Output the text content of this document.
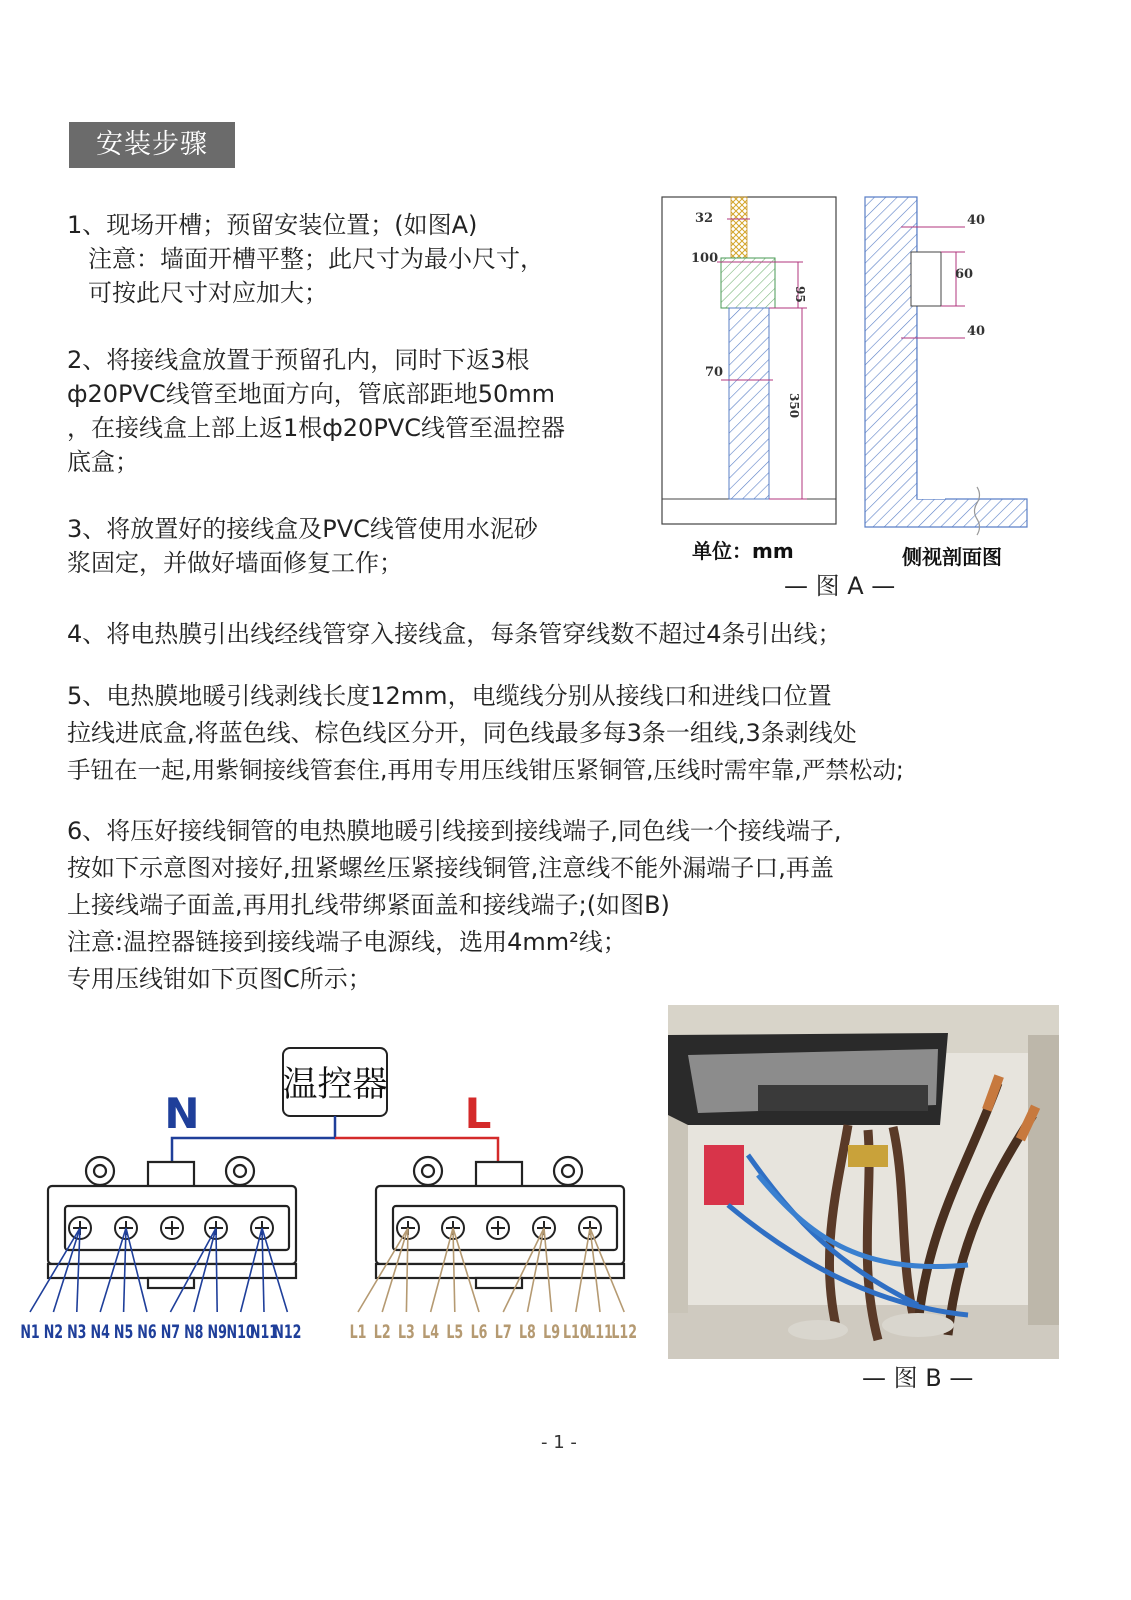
安装步骤
1、现场开槽；预留安装位置；(如图A)
注意：墙面开槽平整；此尺寸为最小尺寸，
可按此尺寸对应加大；
2、将接线盒放置于预留孔内，同时下返3根
ф20PVC线管至地面方向，管底部距地50mm
，在接线盒上部上返1根ф20PVC线管至温控器
底盒；
3、将放置好的接线盒及PVC线管使用水泥砂
浆固定，并做好墙面修复工作；
32
100
95
70
350
40
60
40
单位：mm	侧视剖面图
— 图 A —
4、将电热膜引出线经线管穿入接线盒，每条管穿线数不超过4条引出线；
5、电热膜地暖引线剥线长度12mm，电缆线分别从接线口和进线口位置
拉线进底盒,将蓝色线、棕色线区分开，同色线最多每3条一组线,3条剥线处
手钮在一起,用紫铜接线管套住,再用专用压线钳压紧铜管,压线时需牢靠,严禁松动;
6、将压好接线铜管的电热膜地暖引线接到接线端子,同色线一个接线端子,
按如下示意图对接好,扭紧螺丝压紧接线铜管,注意线不能外漏端子口,再盖
上接线端子面盖,再用扎线带绑紧面盖和接线端子;(如图B)
注意:温控器链接到接线端子电源线，选用4mm²线；
专用压线钳如下页图C所示；
温控器
N	L
N1 N2 N3 N4 N5 N6 N7 N8 N9 N10
N11
N12	L1 L2 L3 L4 L5 L6 L7 L8 L9 L10
L11
L12
— 图 B —
- 1 -
